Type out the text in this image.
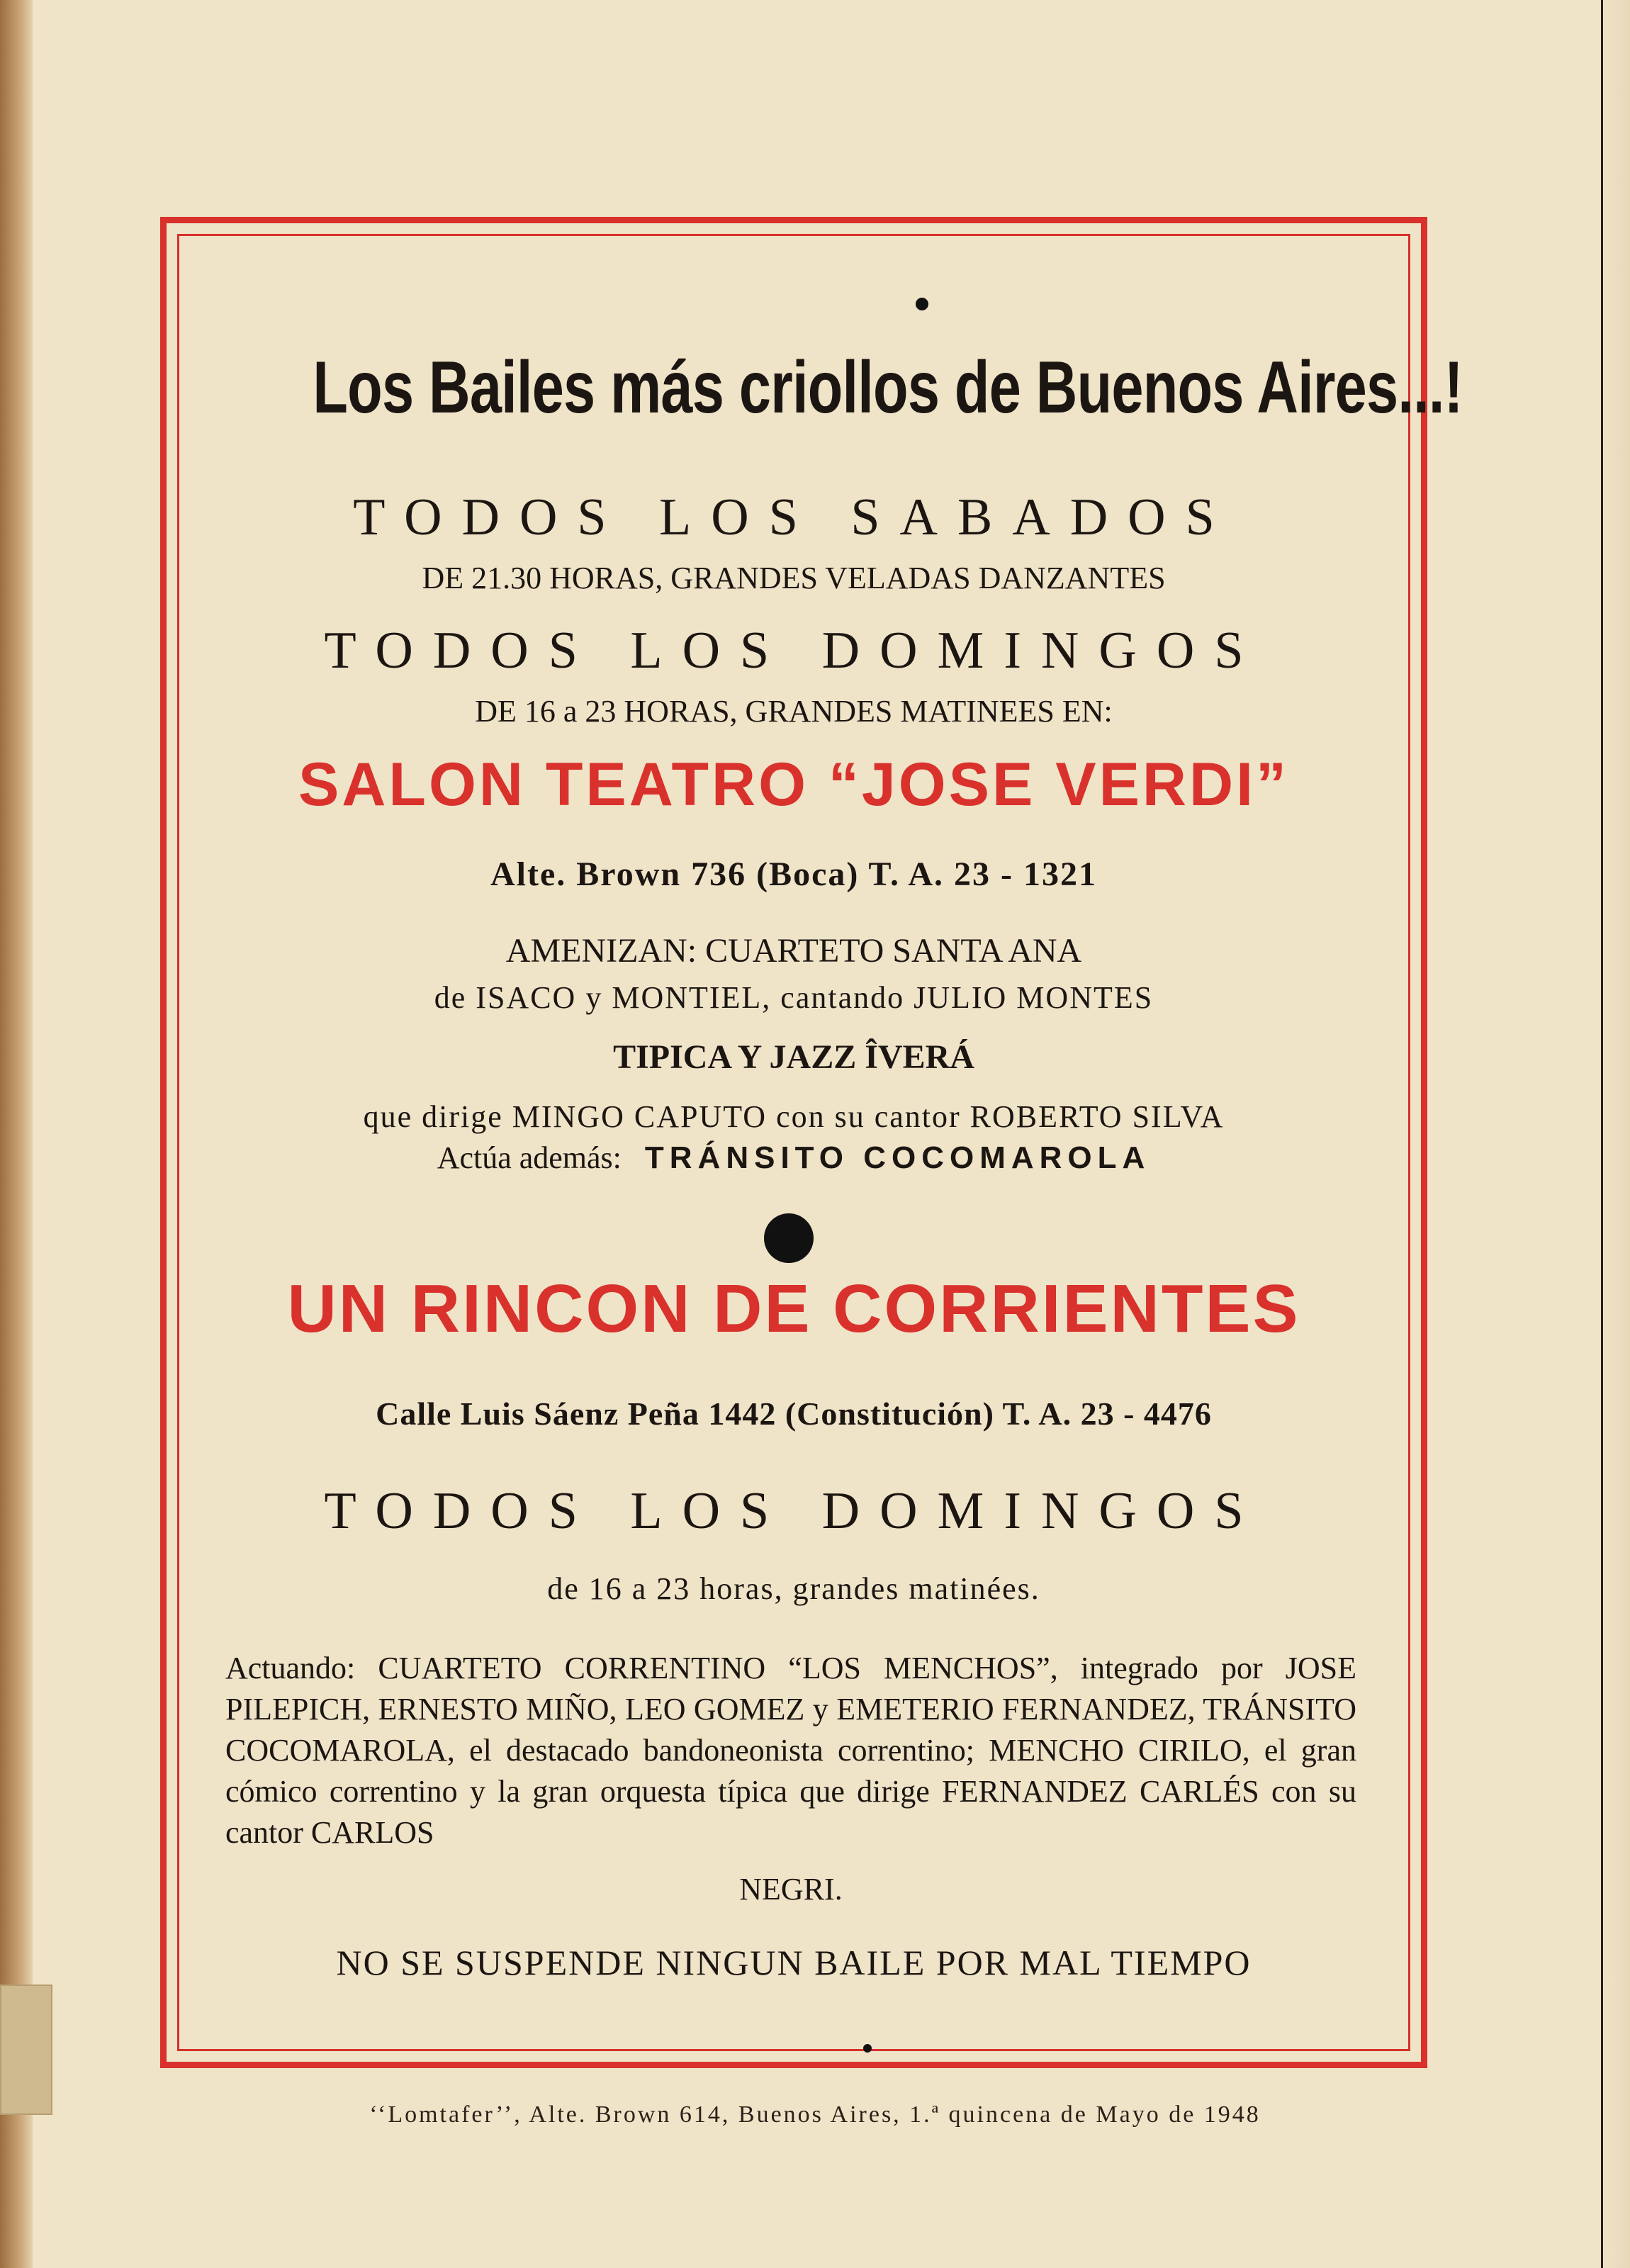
Los Bailes más criollos de Buenos Aires...!

TODOS LOS SABADOS

DE 21.30 HORAS, GRANDES VELADAS DANZANTES

TODOS LOS DOMINGOS

DE 16 a 23 HORAS, GRANDES MATINEES EN:

SALON TEATRO “JOSE VERDI”

Alte. Brown 736 (Boca) T. A. 23 - 1321

AMENIZAN: CUARTETO SANTA ANA

de ISACO y MONTIEL, cantando JULIO MONTES

TIPICA Y JAZZ ÎVERÁ

que dirige MINGO CAPUTO con su cantor ROBERTO SILVA

Actúa además: TRÁNSITO COCOMAROLA

UN RINCON DE CORRIENTES

Calle Luis Sáenz Peña 1442 (Constitución) T. A. 23 - 4476

TODOS LOS DOMINGOS

de 16 a 23 horas, grandes matinées.

Actuando: CUARTETO CORRENTINO “LOS MENCHOS”, integrado por JOSE PILEPICH, ERNESTO MIÑO, LEO GOMEZ y EMETERIO FERNANDEZ, TRÁNSITO COCOMAROLA, el destacado bandoneonista correntino; MENCHO CIRILO, el gran cómico correntino y la gran orquesta típica que dirige FERNANDEZ CARLÉS con su cantor CARLOS

NEGRI.

NO SE SUSPENDE NINGUN BAILE POR MAL TIEMPO

‘‘Lomtafer’’, Alte. Brown 614, Buenos Aires, 1.ª quincena de Mayo de 1948
